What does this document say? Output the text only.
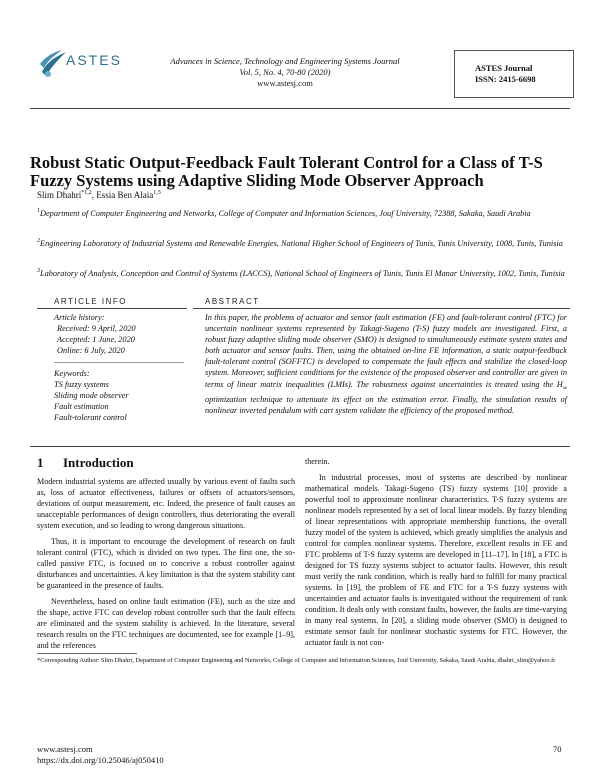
ASTES	Advances in Science, Technology and Engineering Systems Journal
Vol. 5, No. 4, 70-80 (2020)
www.astesj.com
ASTES Journal
ISSN: 2415-6698
Robust Static Output-Feedback Fault Tolerant Control for a Class of T-S
Fuzzy Systems using Adaptive Sliding Mode Observer Approach
Slim Dhahri$^{*1,2}$, Essia Ben Alaia$^{1,3}$
$^1$Department of Computer Engineering and Networks, College of Computer and Information Sciences, Jouf University, 72388, Sakaka, Saudi Arabia
$^2$Engineering Laboratory of Industrial Systems and Renewable Energies, National Higher School of Engineers of Tunis, Tunis University, 1008, Tunis, Tunisia
$^3$Laboratory of Analysis, Conception and Control of Systems (LACCS), National School of Engineers of Tunis, Tunis El Manar University, 1002, Tunis, Tunisia
ARTICLE INFO	ABSTRACT
Article history:
Received: 9 April, 2020
Accepted: 1 June, 2020
Online: 6 July, 2020
Keywords:
TS fuzzy systems
Sliding mode observer
Fault estimation
Fault-tolerant control
In this paper, the problems of actuator and sensor fault estimation (FE) and fault-tolerant control (FTC) for uncertain nonlinear systems represented by Takagi-Sugeno (T-S) fuzzy models are investigated. First, a robust fuzzy adaptive sliding mode observer (SMO) is designed to simultaneously estimate system states and both actuator and sensor faults. Then, using the obtained on-line FE information, a static output-feedback fault-tolerant control (SOFFTC) is developed to compensate the fault effects and stabilize the closed-loop system. Moreover, sufficient conditions for the existence of the proposed observer and controller are given in terms of linear matrix inequalities (LMIs). The robustness against uncertainties is treated using the $H_\infty$ optimization technique to attenuate its effect on the estimation error. Finally, the simulation results of nonlinear inverted pendulum with cart system validate the efficiency of the proposed method.
1 Introduction

Modern industrial systems are affected usually by various event of faults such as, loss of actuator effectiveness, failures or offsets of actuators/sensors, deviations of output measurement, etc. Indeed, the presence of fault causes an unacceptable performances of design controllers, thus deteriorating the overall system execution, and so leading to wrong dangerous situations.

Thus, it is important to encourage the development of research on fault tolerant control (FTC), which is divided on two types. The first one, the so-called passive FTC, is focused on to conceive a robust controller against disturbances and uncertainties. A key limitation is that the system stability cant be guaranteed in the presence of faults.

Nevertheless, based on online fault estimation (FE), such as the size and the shape, active FTC can develop robust controller such that the fault effects are eliminated and the system stability is achieved. In the literature, several research results on the FTC techniques are documented, see for example [1–9], and the references

therein.

In industrial processes, most of systems are described by nonlinear mathematical models. Takagi-Sugeno (TS) fuzzy systems [10] provide a powerful tool to approximate nonlinear characteristics. T-S fuzzy systems are nonlinear models represented by a set of local linear models. By fuzzy blending of linear representations with appropriate membership functions, the overall fuzzy model of the system is achieved, which greatly simplifies the analysis and control for complex nonlinear systems. Therefore, excellent results in FE and FTC problems of T-S fuzzy systems are developed in [11–17]. In [18], a FTC is designed for TS fuzzy systems subject to actuator faults. However, this result must verify the rank condition, which is really hard to fulfill for many practical systems. In [19], the problem of FE and FTC for a T-S fuzzy systems with uncertainties and actuator faults is investigated without the requirement of rank condition. It deals only with constant faults, however, the faults are time-varying in many real systems. In [20], a sliding mode observer (SMO) is designed to estimate sensor fault for nonlinear stochastic systems for FTC. However, the actuator fault is not con-

*Corresponding Author: Slim Dhahri, Department of Computer Engineering and Networks, College of Computer and Information Sciences, Jouf University, Sakaka, Saudi Arabia, dhahri_slim@yahoo.fr
www.astesj.com
https://dx.doi.org/10.25046/aj050410
70
